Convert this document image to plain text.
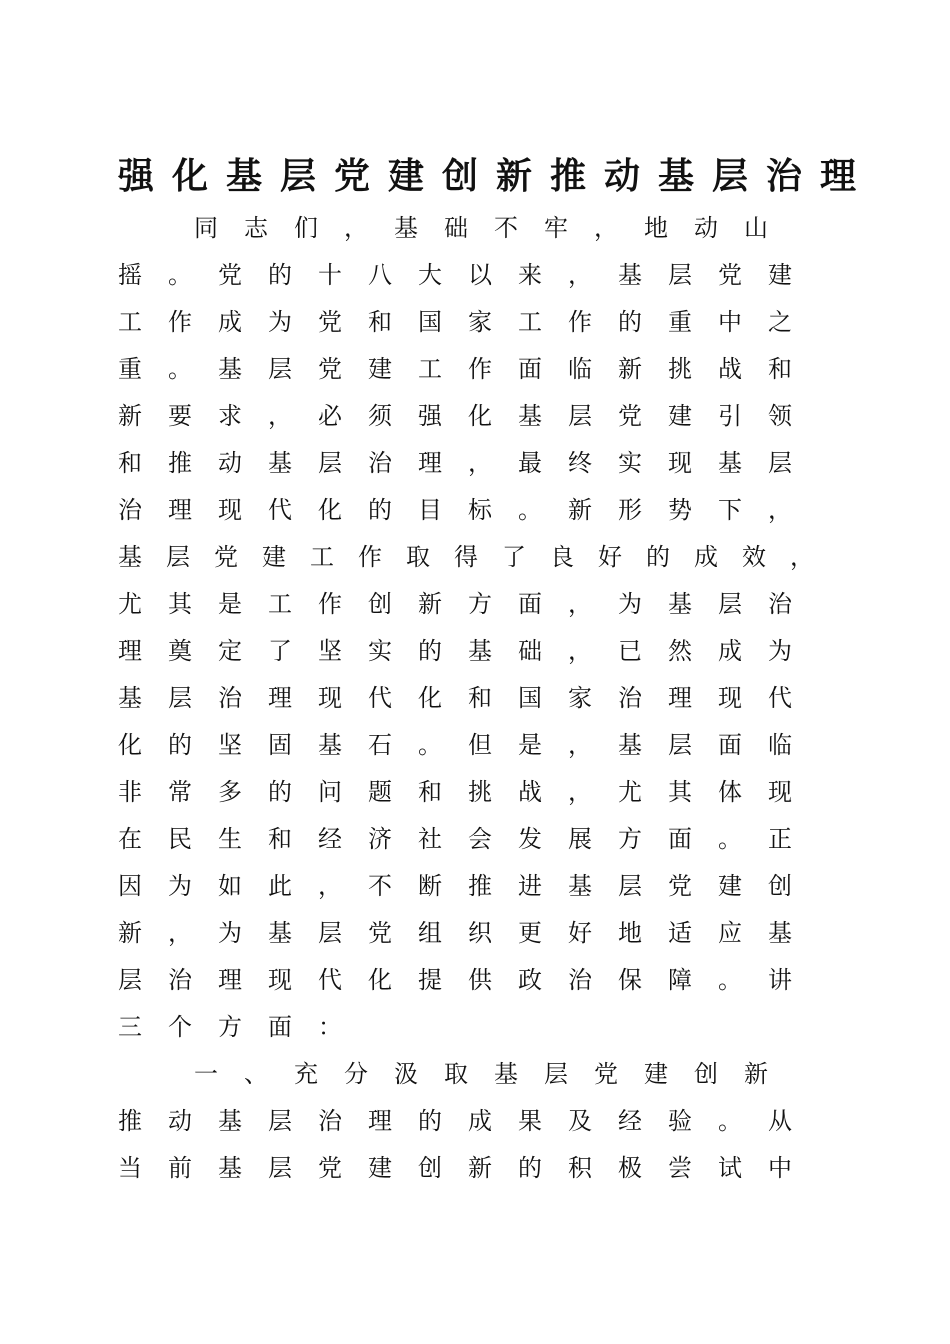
强化基层党建创新推动基层治理
同志们，基础不牢，地动山
摇。党的十八大以来，基层党建
工作成为党和国家工作的重中之
重。基层党建工作面临新挑战和
新要求，必须强化基层党建引领
和推动基层治理，最终实现基层
治理现代化的目标。新形势下，
基层党建工作取得了良好的成效，
尤其是工作创新方面，为基层治
理奠定了坚实的基础，已然成为
基层治理现代化和国家治理现代
化的坚固基石。但是，基层面临
非常多的问题和挑战，尤其体现
在民生和经济社会发展方面。正
因为如此，不断推进基层党建创
新，为基层党组织更好地适应基
层治理现代化提供政治保障。讲
三个方面：
一、充分汲取基层党建创新
推动基层治理的成果及经验。从
当前基层党建创新的积极尝试中
